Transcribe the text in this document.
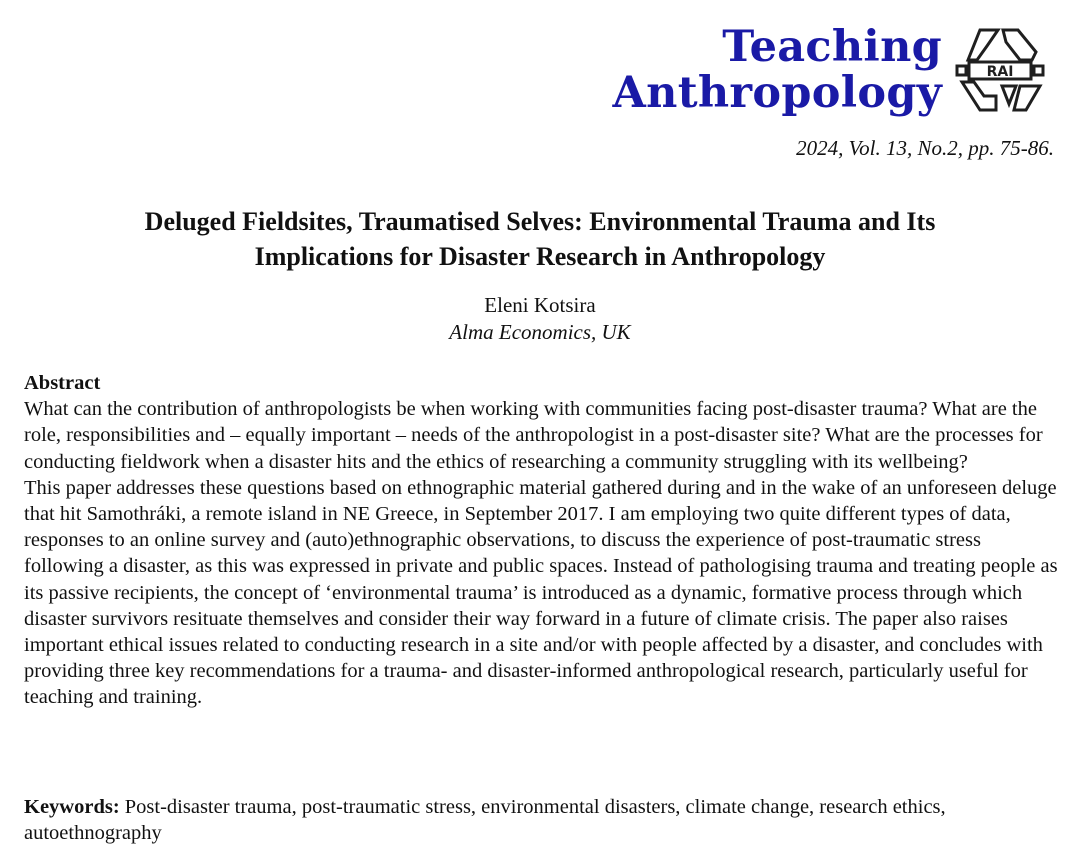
Teaching
Anthropology	RAI
2024, Vol. 13, No.2, pp. 75-86.
Deluged Fieldsites, Traumatised Selves: Environmental Trauma and Its
Implications for Disaster Research in Anthropology
Eleni Kotsira
Alma Economics, UK
Abstract

What can the contribution of anthropologists be when working with communities facing post-disaster trauma? What are the role, responsibilities and – equally important – needs of the anthropologist in a post-disaster site? What are the processes for conducting fieldwork when a disaster hits and the ethics of researching a community struggling with its wellbeing?

This paper addresses these questions based on ethnographic material gathered during and in the wake of an unforeseen deluge that hit Samothráki, a remote island in NE Greece, in September 2017. I am employing two quite different types of data, responses to an online survey and (auto)ethnographic observations, to discuss the experience of post-traumatic stress following a disaster, as this was expressed in private and public spaces. Instead of pathologising trauma and treating people as its passive recipients, the concept of ‘environmental trauma’ is introduced as a dynamic, formative process through which disaster survivors resituate themselves and consider their way forward in a future of climate crisis. The paper also raises important ethical issues related to conducting research in a site and/or with people affected by a disaster, and concludes with providing three key recommendations for a trauma- and disaster-informed anthropological research, particularly useful for teaching and training.

Keywords: Post-disaster trauma, post-traumatic stress, environmental disasters, climate change, research ethics, autoethnography
